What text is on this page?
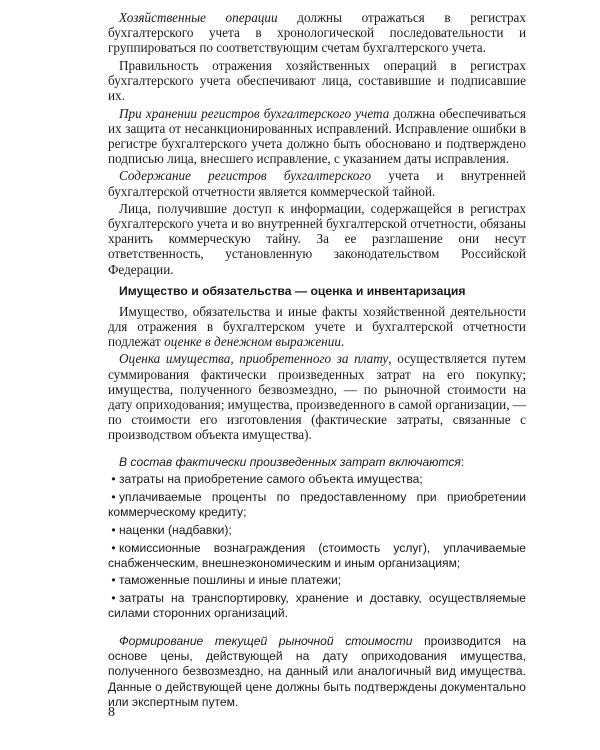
Хозяйственные операции должны отражаться в регистрах бухгалтерского учета в хронологической последовательности и группироваться по соответствующим счетам бухгалтерского учета.

Правильность отражения хозяйственных операций в регистрах бухгалтерского учета обеспечивают лица, составившие и подписавшие их.

При хранении регистров бухгалтерского учета должна обеспечиваться их защита от несанкционированных исправлений. Исправление ошибки в регистре бухгалтерского учета должно быть обосновано и подтверждено подписью лица, внесшего исправление, с указанием даты исправления.

Содержание регистров бухгалтерского учета и внутренней бухгалтерской отчетности является коммерческой тайной.

Лица, получившие доступ к информации, содержащейся в регистрах бухгалтерского учета и во внутренней бухгалтерской отчетности, обязаны хранить коммерческую тайну. За ее разглашение они несут ответственность, установленную законодательством Российской Федерации.

Имущество и обязательства — оценка и инвентаризация

Имущество, обязательства и иные факты хозяйственной деятельности для отражения в бухгалтерском учете и бухгалтерской отчетности подлежат оценке в денежном выражении.

Оценка имущества, приобретенного за плату, осуществляется путем суммирования фактически произведенных затрат на его покупку; имущества, полученного безвозмездно, — по рыночной стоимости на дату оприходования; имущества, произведенного в самой организации, — по стоимости его изготовления (фактические затраты, связанные с производством объекта имущества).

В состав фактически произведенных затрат включаются:

• затраты на приобретение самого объекта имущества;
• уплачиваемые проценты по предоставленному при приобретении коммерческому кредиту;
• наценки (надбавки);
• комиссионные вознаграждения (стоимость услуг), уплачиваемые снабженческим, внешнеэкономическим и иным организациям;
• таможенные пошлины и иные платежи;
• затраты на транспортировку, хранение и доставку, осуществляемые силами сторонних организаций.

Формирование текущей рыночной стоимости производится на основе цены, действующей на дату оприходования имущества, полученного безвозмездно, на данный или аналогичный вид имущества. Данные о действующей цене должны быть подтверждены документально или экспертным путем.

8
